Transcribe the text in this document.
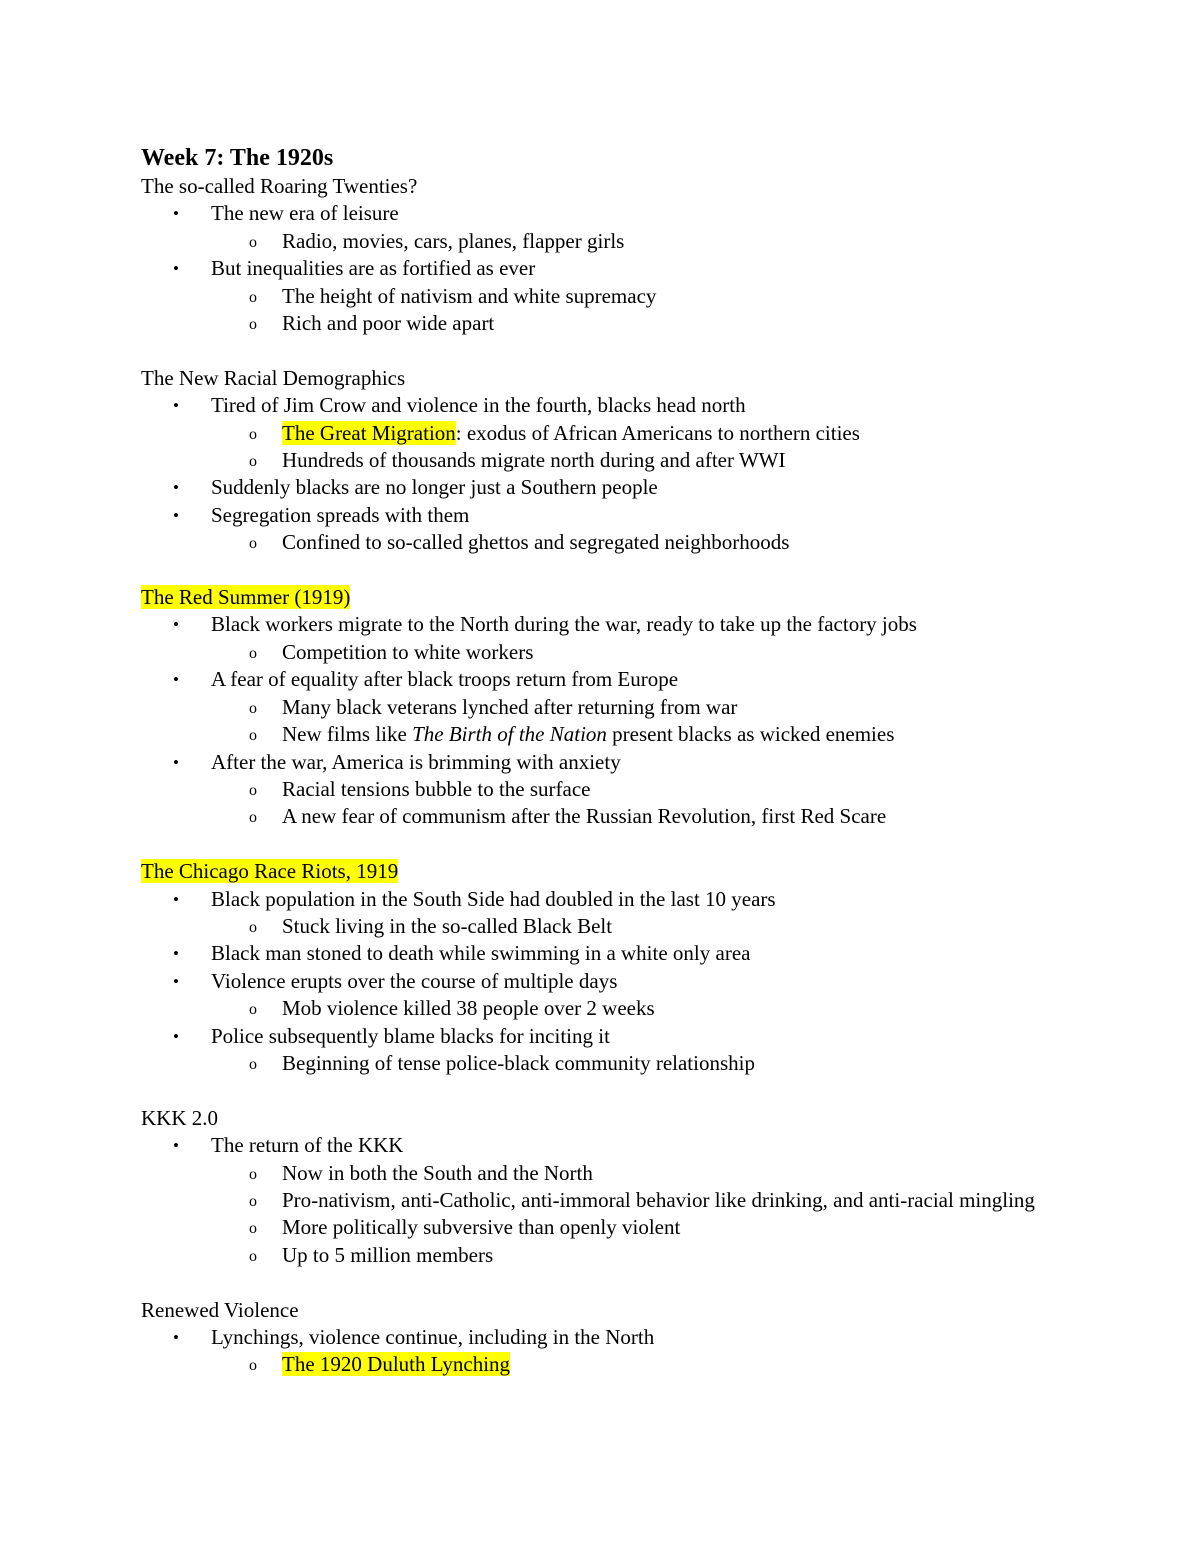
Week 7: The 1920s
The so-called Roaring Twenties?
• The new era of leisure
o Radio, movies, cars, planes, flapper girls
• But inequalities are as fortified as ever
o The height of nativism and white supremacy
o Rich and poor wide apart
The New Racial Demographics
• Tired of Jim Crow and violence in the fourth, blacks head north
o The Great Migration: exodus of African Americans to northern cities
o Hundreds of thousands migrate north during and after WWI
• Suddenly blacks are no longer just a Southern people
• Segregation spreads with them
o Confined to so-called ghettos and segregated neighborhoods
The Red Summer (1919)
• Black workers migrate to the North during the war, ready to take up the factory jobs
o Competition to white workers
• A fear of equality after black troops return from Europe
o Many black veterans lynched after returning from war
o New films like The Birth of the Nation present blacks as wicked enemies
• After the war, America is brimming with anxiety
o Racial tensions bubble to the surface
o A new fear of communism after the Russian Revolution, first Red Scare
The Chicago Race Riots, 1919
• Black population in the South Side had doubled in the last 10 years
o Stuck living in the so-called Black Belt
• Black man stoned to death while swimming in a white only area
• Violence erupts over the course of multiple days
o Mob violence killed 38 people over 2 weeks
• Police subsequently blame blacks for inciting it
o Beginning of tense police-black community relationship
KKK 2.0
• The return of the KKK
o Now in both the South and the North
o Pro-nativism, anti-Catholic, anti-immoral behavior like drinking, and anti-racial mingling
o More politically subversive than openly violent
o Up to 5 million members
Renewed Violence
• Lynchings, violence continue, including in the North
o The 1920 Duluth Lynching
